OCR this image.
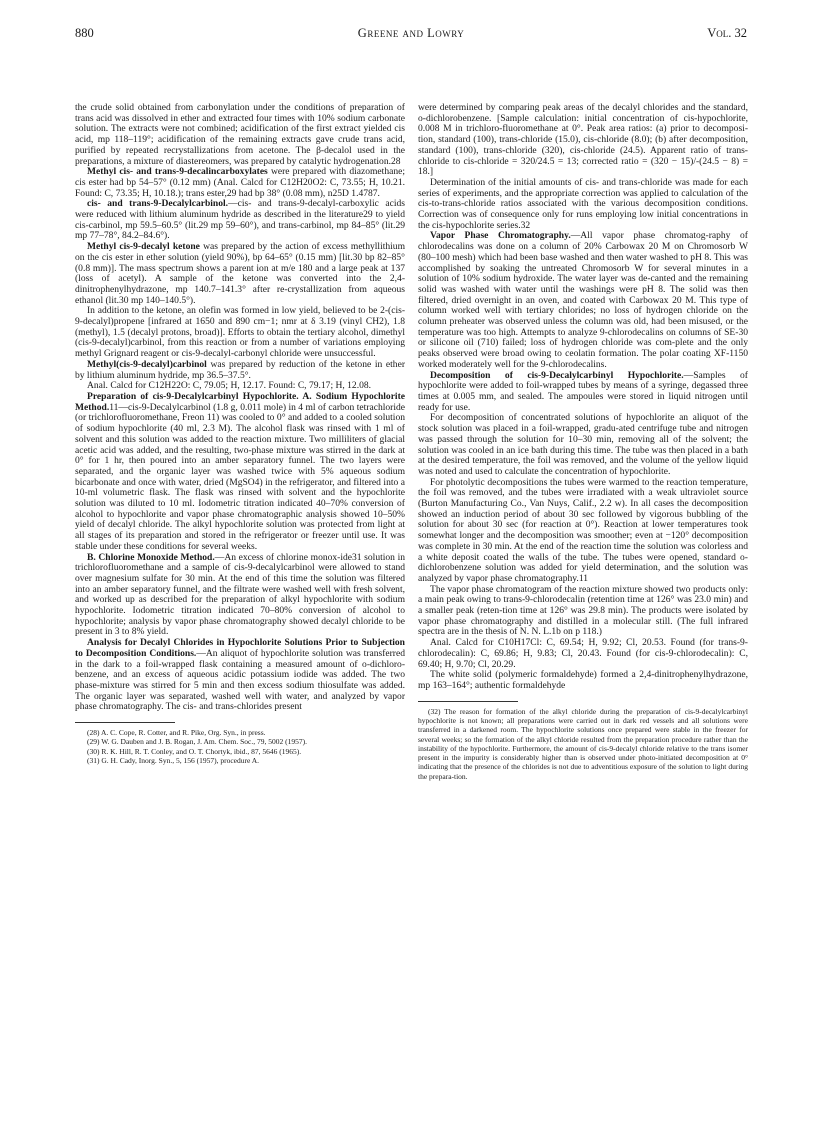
880	Greene and Lowry	Vol. 32

the crude solid obtained from carbonylation under the conditions of preparation of trans acid was dissolved in ether and extracted four times with 10% sodium carbonate solution. The extracts were not combined; acidification of the first extract yielded cis acid, mp 118–119°; acidification of the remaining extracts gave crude trans acid, purified by repeated recrystallizations from acetone. The β-decalol used in the preparations, a mixture of diastereomers, was prepared by catalytic hydrogenation.28

Methyl cis- and trans-9-decalincarboxylates were prepared with diazomethane; cis ester had bp 54–57° (0.12 mm) (Anal. Calcd for C12H20O2: C, 73.55; H, 10.21. Found: C, 73.35; H, 10.18.); trans ester,29 had bp 38° (0.08 mm), n25D 1.4787.

cis- and trans-9-Decalylcarbinol.—cis- and trans-9-decalyl-carboxylic acids were reduced with lithium aluminum hydride as described in the literature29 to yield cis-carbinol, mp 59.5–60.5° (lit.29 mp 59–60°), and trans-carbinol, mp 84–85° (lit.29 mp 77–78°, 84.2–84.6°).

Methyl cis-9-decalyl ketone was prepared by the action of excess methyllithium on the cis ester in ether solution (yield 90%), bp 64–65° (0.15 mm) [lit.30 bp 82–85° (0.8 mm)]. The mass spectrum shows a parent ion at m/e 180 and a large peak at 137 (loss of acetyl). A sample of the ketone was converted into the 2,4-dinitrophenylhydrazone, mp 140.7–141.3° after re-crystallization from aqueous ethanol (lit.30 mp 140–140.5°).

In addition to the ketone, an olefin was formed in low yield, believed to be 2-(cis-9-decalyl)propene [infrared at 1650 and 890 cm−1; nmr at δ 3.19 (vinyl CH2), 1.8 (methyl), 1.5 (decalyl protons, broad)]. Efforts to obtain the tertiary alcohol, dimethyl (cis-9-decalyl)carbinol, from this reaction or from a number of variations employing methyl Grignard reagent or cis-9-decalyl-carbonyl chloride were unsuccessful.

Methyl(cis-9-decalyl)carbinol was prepared by reduction of the ketone in ether by lithium aluminum hydride, mp 36.5–37.5°.

Anal. Calcd for C12H22O: C, 79.05; H, 12.17. Found: C, 79.17; H, 12.08.

Preparation of cis-9-Decalylcarbinyl Hypochlorite. A. Sodium Hypochlorite Method.11—cis-9-Decalylcarbinol (1.8 g, 0.011 mole) in 4 ml of carbon tetrachloride (or trichlorofluoromethane, Freon 11) was cooled to 0° and added to a cooled solution of sodium hypochlorite (40 ml, 2.3 M). The alcohol flask was rinsed with 1 ml of solvent and this solution was added to the reaction mixture. Two milliliters of glacial acetic acid was added, and the resulting, two-phase mixture was stirred in the dark at 0° for 1 hr, then poured into an amber separatory funnel. The two layers were separated, and the organic layer was washed twice with 5% aqueous sodium bicarbonate and once with water, dried (MgSO4) in the refrigerator, and filtered into a 10-ml volumetric flask. The flask was rinsed with solvent and the hypochlorite solution was diluted to 10 ml. Iodometric titration indicated 40–70% conversion of alcohol to hypochlorite and vapor phase chromatographic analysis showed 10–50% yield of decalyl chloride. The alkyl hypochlorite solution was protected from light at all stages of its preparation and stored in the refrigerator or freezer until use. It was stable under these conditions for several weeks.

B. Chlorine Monoxide Method.—An excess of chlorine monox-ide31 solution in trichlorofluoromethane and a sample of cis-9-decalylcarbinol were allowed to stand over magnesium sulfate for 30 min. At the end of this time the solution was filtered into an amber separatory funnel, and the filtrate were washed well with fresh solvent, and worked up as described for the preparation of alkyl hypochlorite with sodium hypochlorite. Iodometric titration indicated 70–80% conversion of alcohol to hypochlorite; analysis by vapor phase chromatography showed decalyl chloride to be present in 3 to 8% yield.

Analysis for Decalyl Chlorides in Hypochlorite Solutions Prior to Subjection to Decomposition Conditions.—An aliquot of hypochlorite solution was transferred in the dark to a foil-wrapped flask containing a measured amount of o-dichloro-benzene, and an excess of aqueous acidic potassium iodide was added. The two phase-mixture was stirred for 5 min and then excess sodium thiosulfate was added. The organic layer was separated, washed well with water, and analyzed by vapor phase chromatography. The cis- and trans-chlorides present

(28) A. C. Cope, R. Cotter, and R. Pike, Org. Syn., in press.

(29) W. G. Dauben and J. B. Rogan, J. Am. Chem. Soc., 79, 5002 (1957).

(30) R. K. Hill, R. T. Conley, and O. T. Chortyk, ibid., 87, 5646 (1965).

(31) G. H. Cady, Inorg. Syn., 5, 156 (1957), procedure A.

were determined by comparing peak areas of the decalyl chlorides and the standard, o-dichlorobenzene. [Sample calculation: initial concentration of cis-hypochlorite, 0.008 M in trichloro-fluoromethane at 0°. Peak area ratios: (a) prior to decomposi-tion, standard (100), trans-chloride (15.0), cis-chloride (8.0); (b) after decomposition, standard (100), trans-chloride (320), cis-chloride (24.5). Apparent ratio of trans-chloride to cis-chloride = 320/24.5 = 13; corrected ratio = (320 − 15)/-(24.5 − 8) = 18.]

Determination of the initial amounts of cis- and trans-chloride was made for each series of experiments, and the appropriate correction was applied to calculation of the cis-to-trans-chloride ratios associated with the various decomposition conditions. Correction was of consequence only for runs employing low initial concentrations in the cis-hypochlorite series.32

Vapor Phase Chromatography.—All vapor phase chromatog-raphy of chlorodecalins was done on a column of 20% Carbowax 20 M on Chromosorb W (80–100 mesh) which had been base washed and then water washed to pH 8. This was accomplished by soaking the untreated Chromosorb W for several minutes in a solution of 10% sodium hydroxide. The water layer was de-canted and the remaining solid was washed with water until the washings were pH 8. The solid was then filtered, dried overnight in an oven, and coated with Carbowax 20 M. This type of column worked well with tertiary chlorides; no loss of hydrogen chloride on the column preheater was observed unless the column was old, had been misused, or the temperature was too high. Attempts to analyze 9-chlorodecalins on columns of SE-30 or silicone oil (710) failed; loss of hydrogen chloride was com-plete and the only peaks observed were broad owing to ceolatin formation. The polar coating XF-1150 worked moderately well for the 9-chlorodecalins.

Decomposition of cis-9-Decalylcarbinyl Hypochlorite.—Samples of hypochlorite were added to foil-wrapped tubes by means of a syringe, degassed three times at 0.005 mm, and sealed. The ampoules were stored in liquid nitrogen until ready for use.

For decomposition of concentrated solutions of hypochlorite an aliquot of the stock solution was placed in a foil-wrapped, gradu-ated centrifuge tube and nitrogen was passed through the solution for 10–30 min, removing all of the solvent; the solution was cooled in an ice bath during this time. The tube was then placed in a bath at the desired temperature, the foil was removed, and the volume of the yellow liquid was noted and used to calculate the concentration of hypochlorite.

For photolytic decompositions the tubes were warmed to the reaction temperature, the foil was removed, and the tubes were irradiated with a weak ultraviolet source (Burton Manufacturing Co., Van Nuys, Calif., 2.2 w). In all cases the decomposition showed an induction period of about 30 sec followed by vigorous bubbling of the solution for about 30 sec (for reaction at 0°). Reaction at lower temperatures took somewhat longer and the decomposition was smoother; even at −120° decomposition was complete in 30 min. At the end of the reaction time the solution was colorless and a white deposit coated the walls of the tube. The tubes were opened, standard o-dichlorobenzene solution was added for yield determination, and the solution was analyzed by vapor phase chromatography.11

The vapor phase chromatogram of the reaction mixture showed two products only: a main peak owing to trans-9-chlorodecalin (retention time at 126° was 23.0 min) and a smaller peak (reten-tion time at 126° was 29.8 min). The products were isolated by vapor phase chromatography and distilled in a molecular still. (The full infrared spectra are in the thesis of N. N. L.1b on p 118.)

Anal. Calcd for C10H17Cl: C, 69.54; H, 9.92; Cl, 20.53. Found (for trans-9-chlorodecalin): C, 69.86; H, 9.83; Cl, 20.43. Found (for cis-9-chlorodecalin): C, 69.40; H, 9.70; Cl, 20.29.

The white solid (polymeric formaldehyde) formed a 2,4-dinitrophenylhydrazone, mp 163–164°; authentic formaldehyde

(32) The reason for formation of the alkyl chloride during the preparation of cis-9-decalylcarbinyl hypochlorite is not known; all preparations were carried out in dark red vessels and all solutions were transferred in a darkened room. The hypochlorite solutions once prepared were stable in the freezer for several weeks; so the formation of the alkyl chloride resulted from the preparation procedure rather than the instability of the hypochlorite. Furthermore, the amount of cis-9-decalyl chloride relative to the trans isomer present in the impurity is considerably higher than is observed under photo-initiated decomposition at 0° indicating that the presence of the chlorides is not due to adventitious exposure of the solution to light during the prepara-tion.
